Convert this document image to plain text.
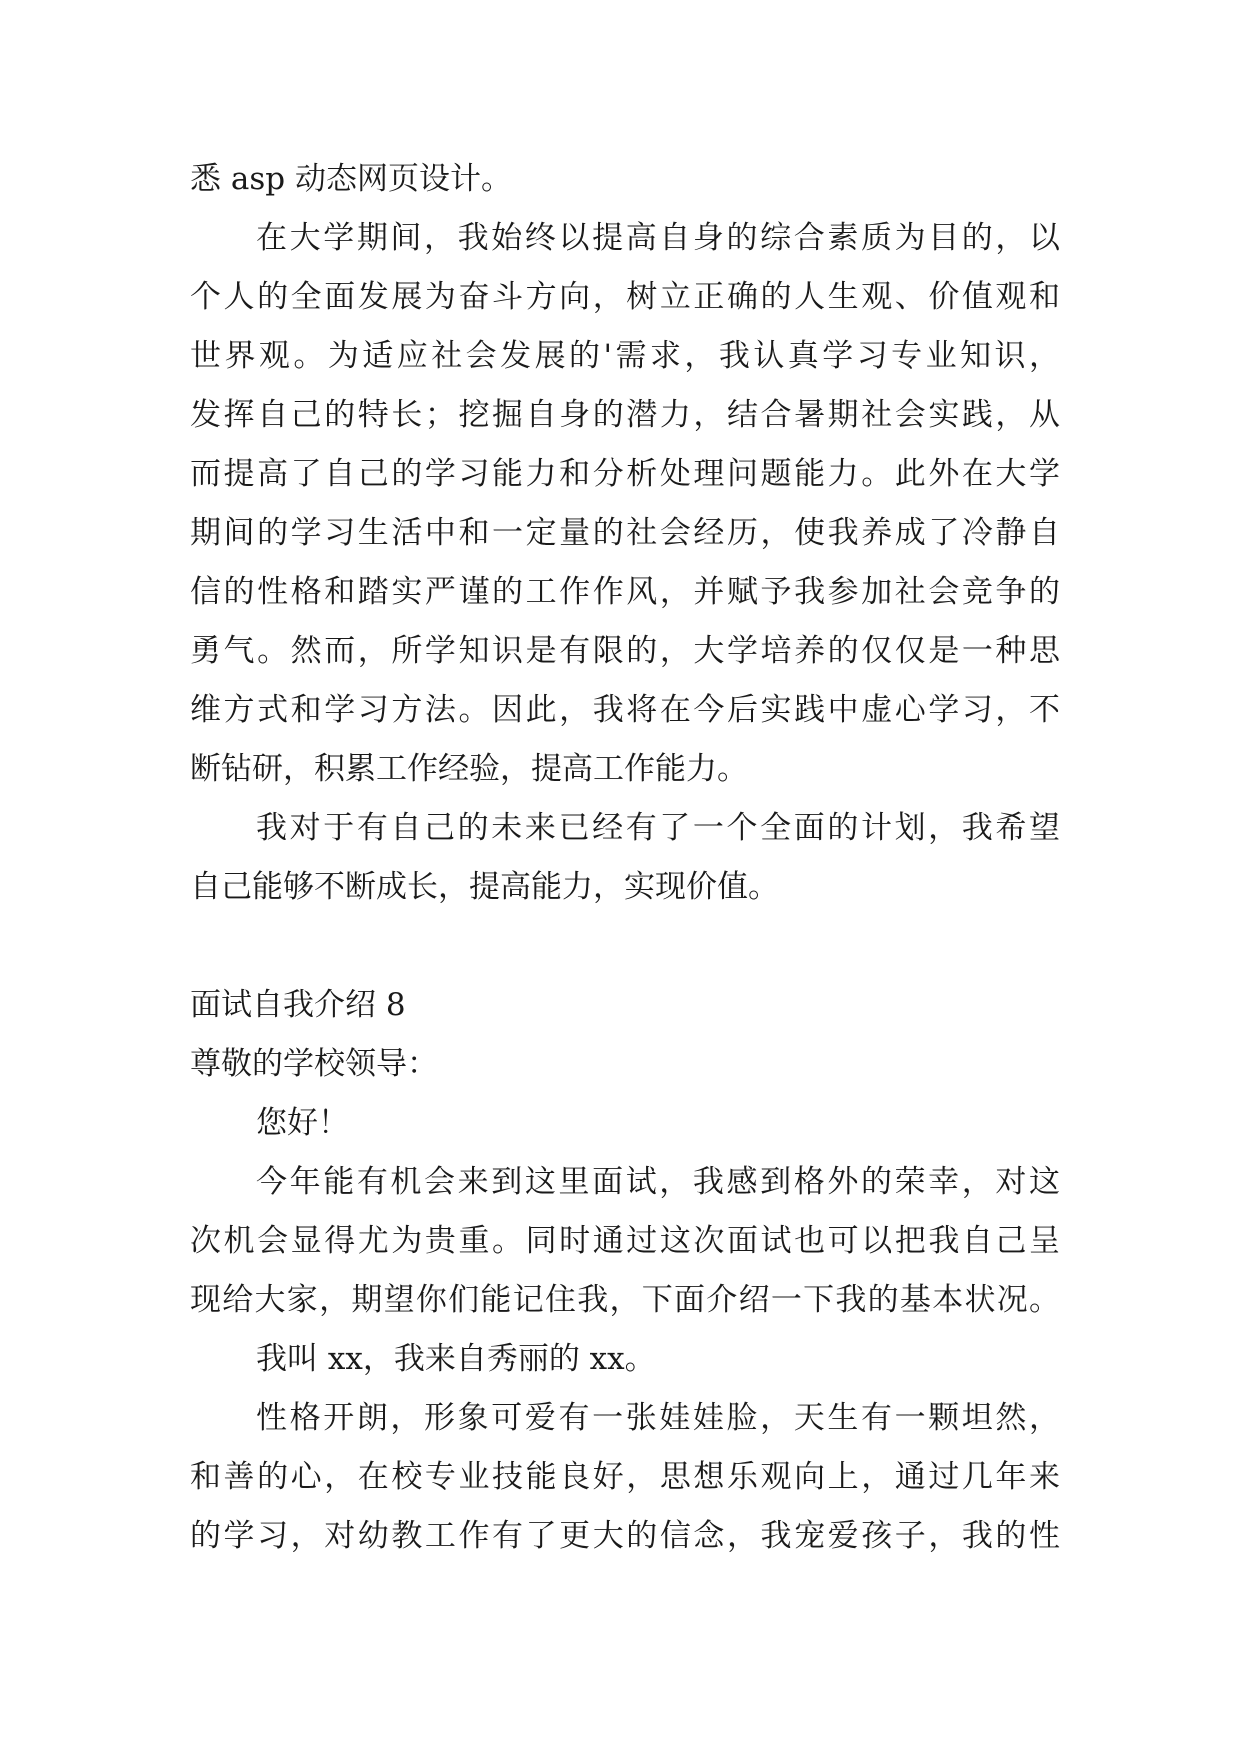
悉 asp 动态网页设计。
在大学期间，我始终以提高自身的综合素质为目的，以
个人的全面发展为奋斗方向，树立正确的人生观、价值观和
世界观。为适应社会发展的'需求，我认真学习专业知识，
发挥自己的特长；挖掘自身的潜力，结合暑期社会实践，从
而提高了自己的学习能力和分析处理问题能力。此外在大学
期间的学习生活中和一定量的社会经历，使我养成了冷静自
信的性格和踏实严谨的工作作风，并赋予我参加社会竞争的
勇气。然而，所学知识是有限的，大学培养的仅仅是一种思
维方式和学习方法。因此，我将在今后实践中虚心学习，不
断钻研，积累工作经验，提高工作能力。
我对于有自己的未来已经有了一个全面的计划，我希望
自己能够不断成长，提高能力，实现价值。
面试自我介绍 8
尊敬的学校领导：
您好！
今年能有机会来到这里面试，我感到格外的荣幸，对这
次机会显得尤为贵重。同时通过这次面试也可以把我自己呈
现给大家，期望你们能记住我，下面介绍一下我的基本状况。
我叫 xx，我来自秀丽的 xx。
性格开朗，形象可爱有一张娃娃脸，天生有一颗坦然，
和善的心，在校专业技能良好，思想乐观向上，通过几年来
的学习，对幼教工作有了更大的信念，我宠爱孩子，我的性
